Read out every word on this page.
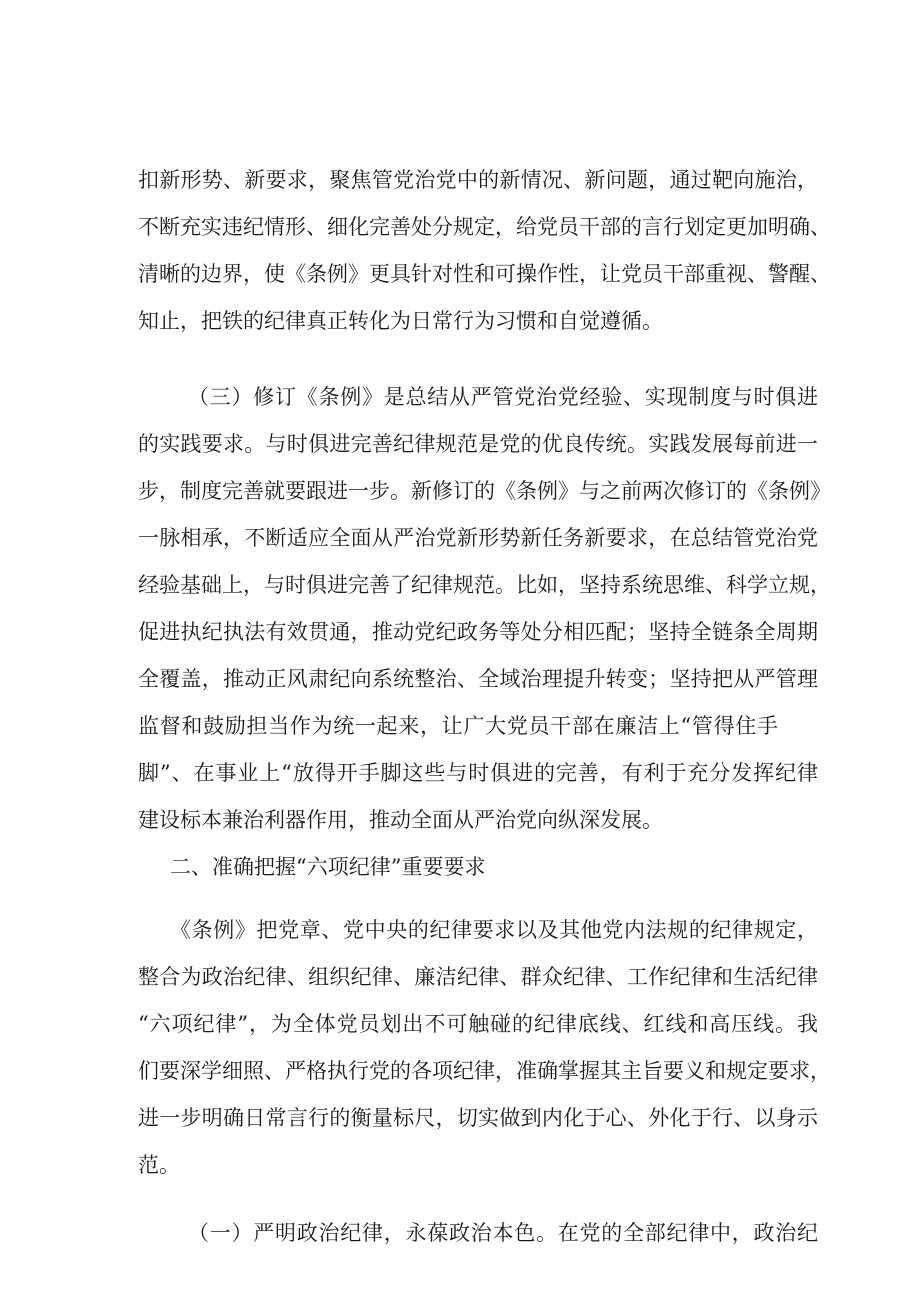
扣新形势、新要求，聚焦管党治党中的新情况、新问题，通过靶向施治，
不断充实违纪情形、细化完善处分规定，给党员干部的言行划定更加明确、
清晰的边界，使《条例》更具针对性和可操作性，让党员干部重视、警醒、
知止，把铁的纪律真正转化为日常行为习惯和自觉遵循。
（三）修订《条例》是总结从严管党治党经验、实现制度与时俱进
的实践要求。与时俱进完善纪律规范是党的优良传统。实践发展每前进一
步，制度完善就要跟进一步。新修订的《条例》与之前两次修订的《条例》
一脉相承，不断适应全面从严治党新形势新任务新要求，在总结管党治党
经验基础上，与时俱进完善了纪律规范。比如，坚持系统思维、科学立规，
促进执纪执法有效贯通，推动党纪政务等处分相匹配；坚持全链条全周期
全覆盖，推动正风肃纪向系统整治、全域治理提升转变；坚持把从严管理
监督和鼓励担当作为统一起来，让广大党员干部在廉洁上“管得住手
脚”、在事业上“放得开手脚这些与时俱进的完善，有利于充分发挥纪律
建设标本兼治利器作用，推动全面从严治党向纵深发展。
二、准确把握“六项纪律”重要要求
《条例》把党章、党中央的纪律要求以及其他党内法规的纪律规定，
整合为政治纪律、组织纪律、廉洁纪律、群众纪律、工作纪律和生活纪律
“六项纪律”，为全体党员划出不可触碰的纪律底线、红线和高压线。我
们要深学细照、严格执行党的各项纪律，准确掌握其主旨要义和规定要求，
进一步明确日常言行的衡量标尺，切实做到内化于心、外化于行、以身示
范。
（一）严明政治纪律，永葆政治本色。在党的全部纪律中，政治纪
